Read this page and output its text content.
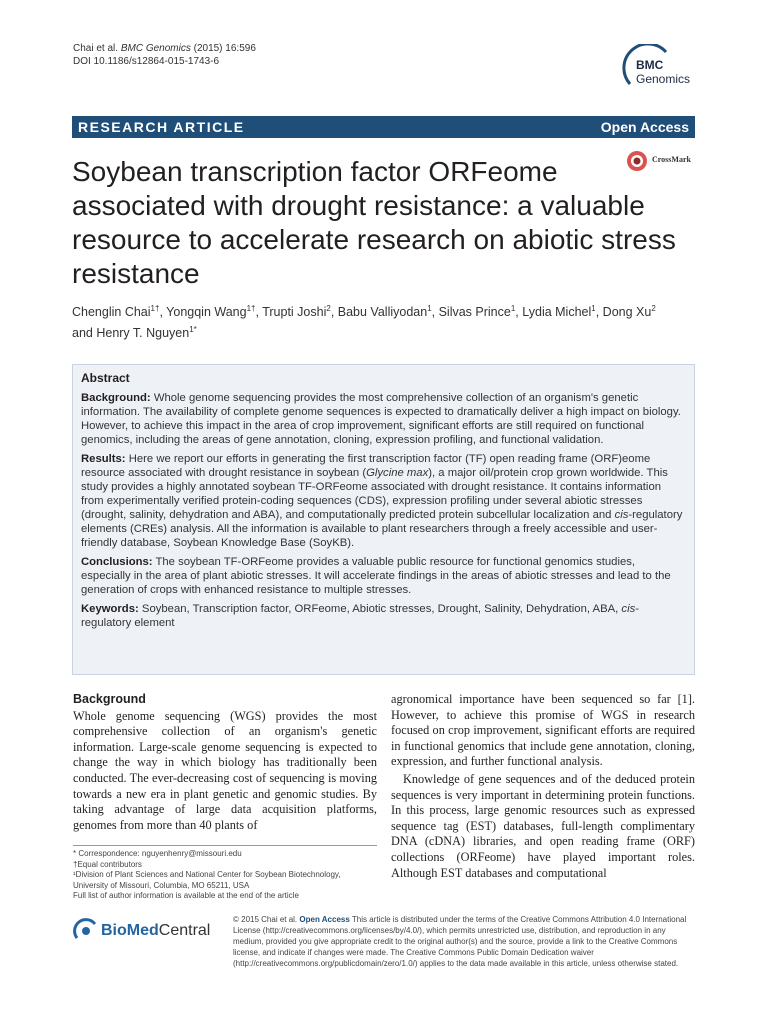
Chai et al. BMC Genomics (2015) 16:596
DOI 10.1186/s12864-015-1743-6	BMC
Genomics
RESEARCH ARTICLE	Open Access
CrossMark
Soybean transcription factor ORFeome
associated with drought resistance: a valuable
resource to accelerate research on abiotic stress
resistance
Chenglin Chai$^{1\dagger}$, Yongqin Wang$^{1\dagger}$, Trupti Joshi$^2$, Babu Valliyodan$^1$, Silvas Prince$^1$, Lydia Michel$^1$, Dong Xu$^2$
and Henry T. Nguyen$^{1*}$
Abstract

Background: Whole genome sequencing provides the most comprehensive collection of an organism's genetic information. The availability of complete genome sequences is expected to dramatically deliver a high impact on biology. However, to achieve this impact in the area of crop improvement, significant efforts are still required on functional genomics, including the areas of gene annotation, cloning, expression profiling, and functional validation.

Results: Here we report our efforts in generating the first transcription factor (TF) open reading frame (ORF)eome resource associated with drought resistance in soybean (Glycine max), a major oil/protein crop grown worldwide. This study provides a highly annotated soybean TF-ORFeome associated with drought resistance. It contains information from experimentally verified protein-coding sequences (CDS), expression profiling under several abiotic stresses (drought, salinity, dehydration and ABA), and computationally predicted protein subcellular localization and cis-regulatory elements (CREs) analysis. All the information is available to plant researchers through a freely accessible and user-friendly database, Soybean Knowledge Base (SoyKB).

Conclusions: The soybean TF-ORFeome provides a valuable public resource for functional genomics studies, especially in the area of plant abiotic stresses. It will accelerate findings in the areas of abiotic stresses and lead to the generation of crops with enhanced resistance to multiple stresses.

Keywords: Soybean, Transcription factor, ORFeome, Abiotic stresses, Drought, Salinity, Dehydration, ABA, cis-regulatory element

Background

Whole genome sequencing (WGS) provides the most comprehensive collection of an organism's genetic information. Large-scale genome sequencing is expected to change the way in which biology has traditionally been conducted. The ever-decreasing cost of sequencing is moving towards a new era in plant genetic and genomic studies. By taking advantage of large data acquisition platforms, genomes from more than 40 plants of

agronomical importance have been sequenced so far [1]. However, to achieve this promise of WGS in research focused on crop improvement, significant efforts are required in functional genomics that include gene annotation, cloning, expression, and further functional analysis.

Knowledge of gene sequences and of the deduced protein sequences is very important in determining protein functions. In this process, large genomic resources such as expressed sequence tag (EST) databases, full-length complimentary DNA (cDNA) libraries, and open reading frame (ORF) collections (ORFeome) have played important roles. Although EST databases and computational

* Correspondence: nguyenhenry@missouri.edu
†Equal contributors
¹Division of Plant Sciences and National Center for Soybean Biotechnology, University of Missouri, Columbia, MO 65211, USA
Full list of author information is available at the end of the article
BioMedCentral
© 2015 Chai et al. Open Access This article is distributed under the terms of the Creative Commons Attribution 4.0 International License (http://creativecommons.org/licenses/by/4.0/), which permits unrestricted use, distribution, and reproduction in any medium, provided you give appropriate credit to the original author(s) and the source, provide a link to the Creative Commons license, and indicate if changes were made. The Creative Commons Public Domain Dedication waiver (http://creativecommons.org/publicdomain/zero/1.0/) applies to the data made available in this article, unless otherwise stated.
